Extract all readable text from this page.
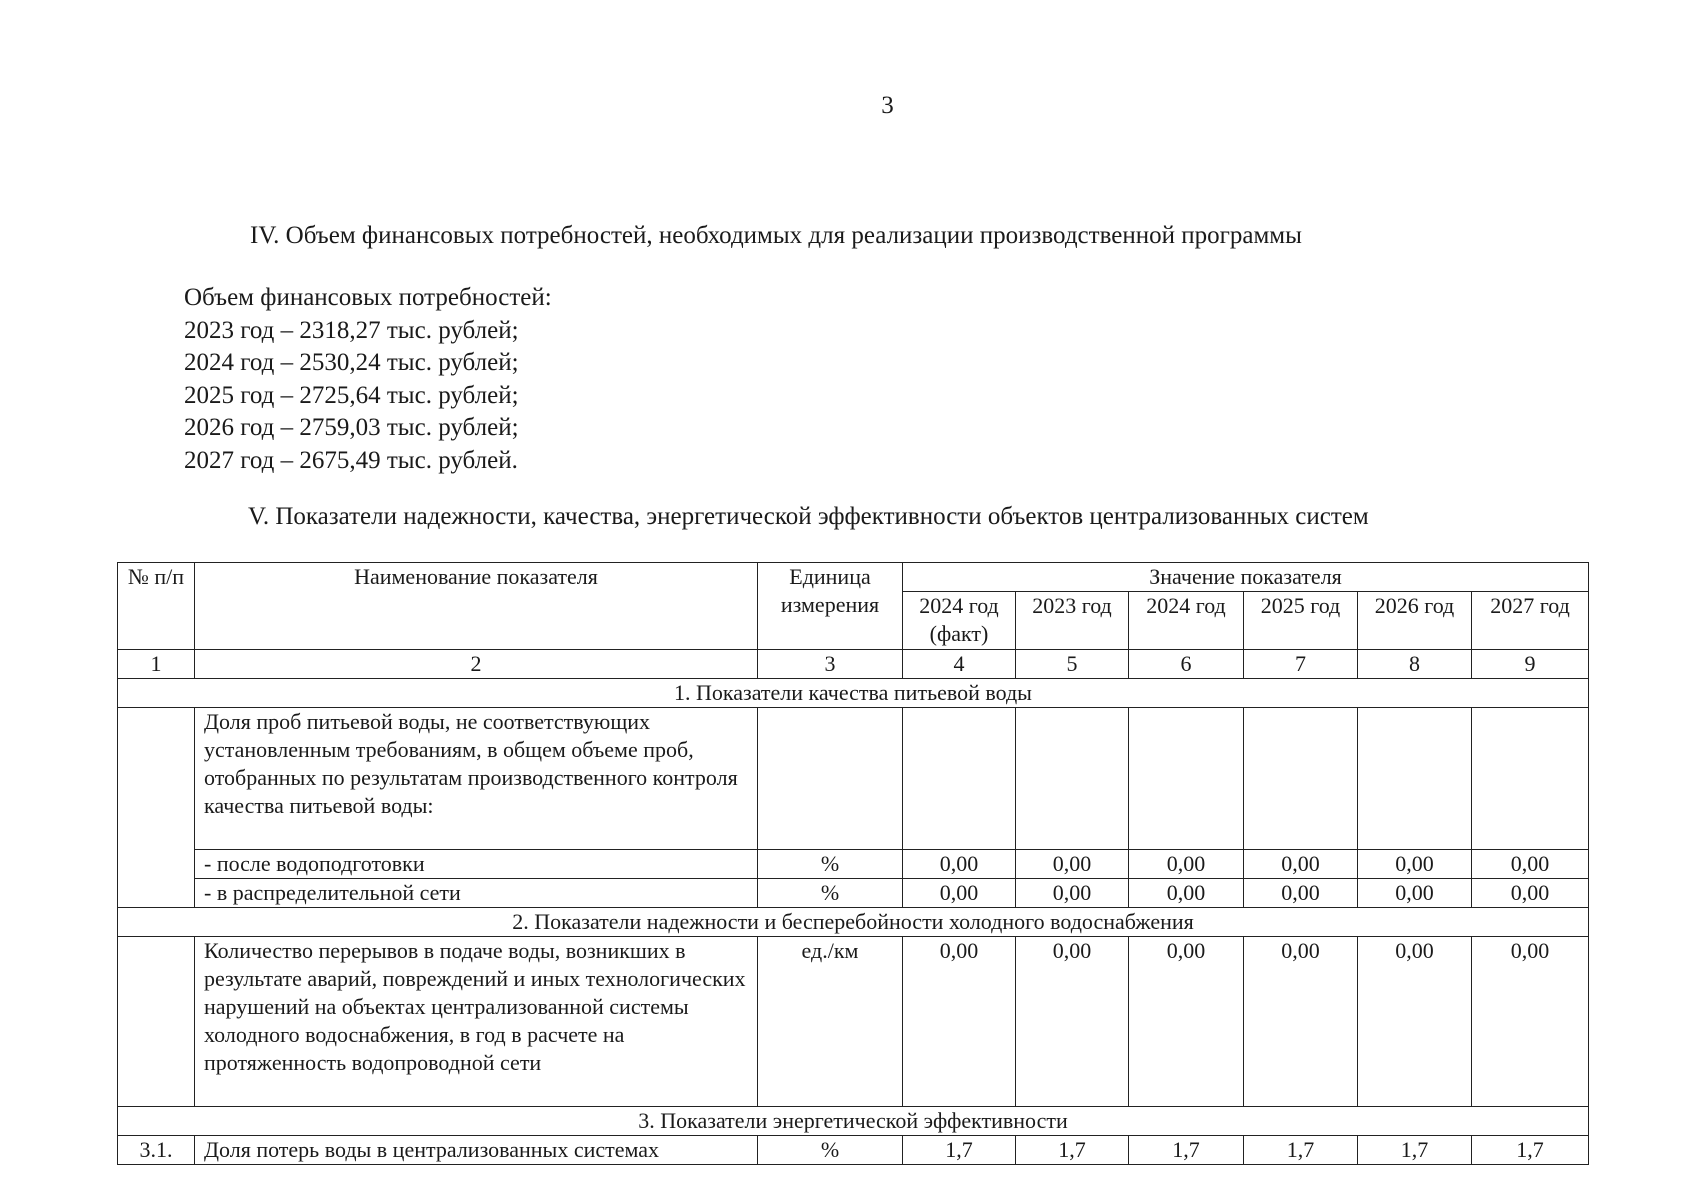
3
IV. Объем финансовых потребностей, необходимых для реализации производственной программы
Объем финансовых потребностей:
2023 год – 2318,27 тыс. рублей;
2024 год – 2530,24 тыс. рублей;
2025 год – 2725,64 тыс. рублей;
2026 год – 2759,03 тыс. рублей;
2027 год – 2675,49 тыс. рублей.
V. Показатели надежности, качества, энергетической эффективности объектов централизованных систем
№ п/п	Наименование показателя	Единица измерения	Значение показателя					
			2024 год (факт)	2023 год	2024 год	2025 год	2026 год	2027 год
1	2	3	4	5	6	7	8	9
1. Показатели качества питьевой воды								
	Доля проб питьевой воды, не соответствующих установленным требованиям, в общем объеме проб, отобранных по результатам производственного контроля качества питьевой воды:							
	- после водоподготовки	%	0,00	0,00	0,00	0,00	0,00	0,00
	- в распределительной сети	%	0,00	0,00	0,00	0,00	0,00	0,00
2. Показатели надежности и бесперебойности холодного водоснабжения								
	Количество перерывов в подаче воды, возникших в результате аварий, повреждений и иных технологических нарушений на объектах централизованной системы холодного водоснабжения, в год в расчете на протяженность водопроводной сети	ед./км	0,00	0,00	0,00	0,00	0,00	0,00
3. Показатели энергетической эффективности								
3.1.	Доля потерь воды в централизованных системах	%	1,7	1,7	1,7	1,7	1,7	1,7
